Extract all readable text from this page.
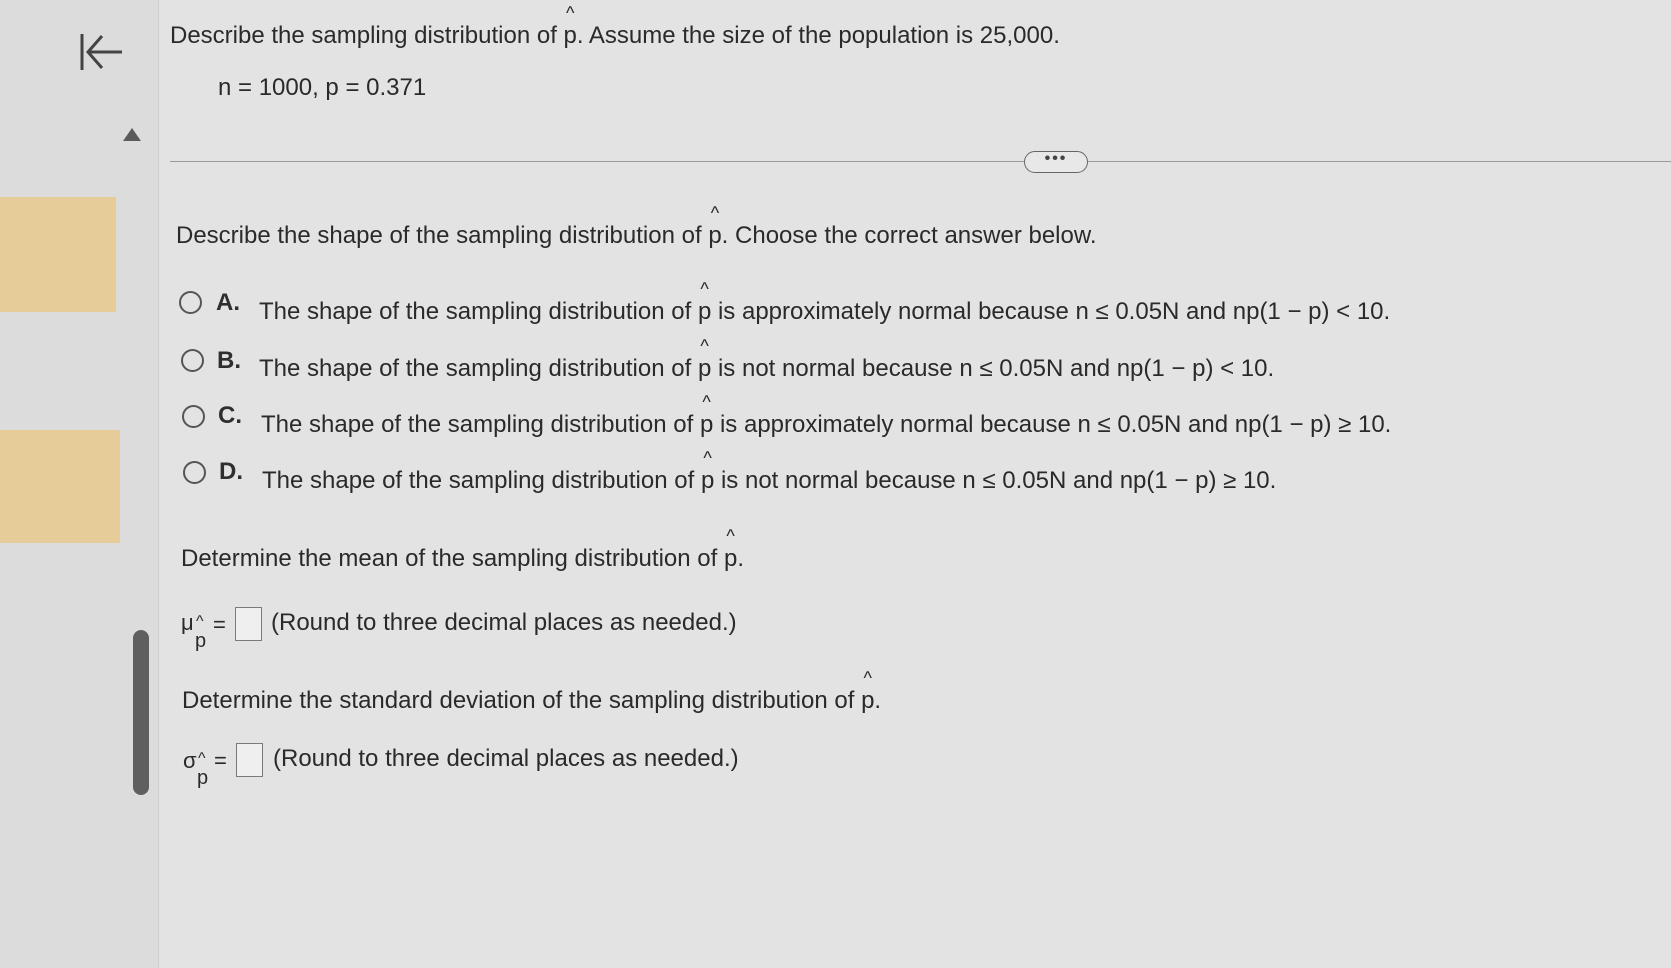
Describe the sampling distribution of ^ p. Assume the size of the population is 25,000.
n = 1000, p = 0.371
•••
Describe the shape of the sampling distribution of ^ p. Choose the correct answer below.
A. The shape of the sampling distribution of ^ p is approximately normal because n ≤ 0.05N and np(1 − p) < 10.
B. The shape of the sampling distribution of ^ p is not normal because n ≤ 0.05N and np(1 − p) < 10.
C. The shape of the sampling distribution of ^ p is approximately normal because n ≤ 0.05N and np(1 − p) ≥ 10.
D. The shape of the sampling distribution of ^ p is not normal because n ≤ 0.05N and np(1 − p) ≥ 10.
Determine the mean of the sampling distribution of ^ p.
μ ^
p
= (Round to three decimal places as needed.)
Determine the standard deviation of the sampling distribution of ^ p.
σ ^
p
= (Round to three decimal places as needed.)
